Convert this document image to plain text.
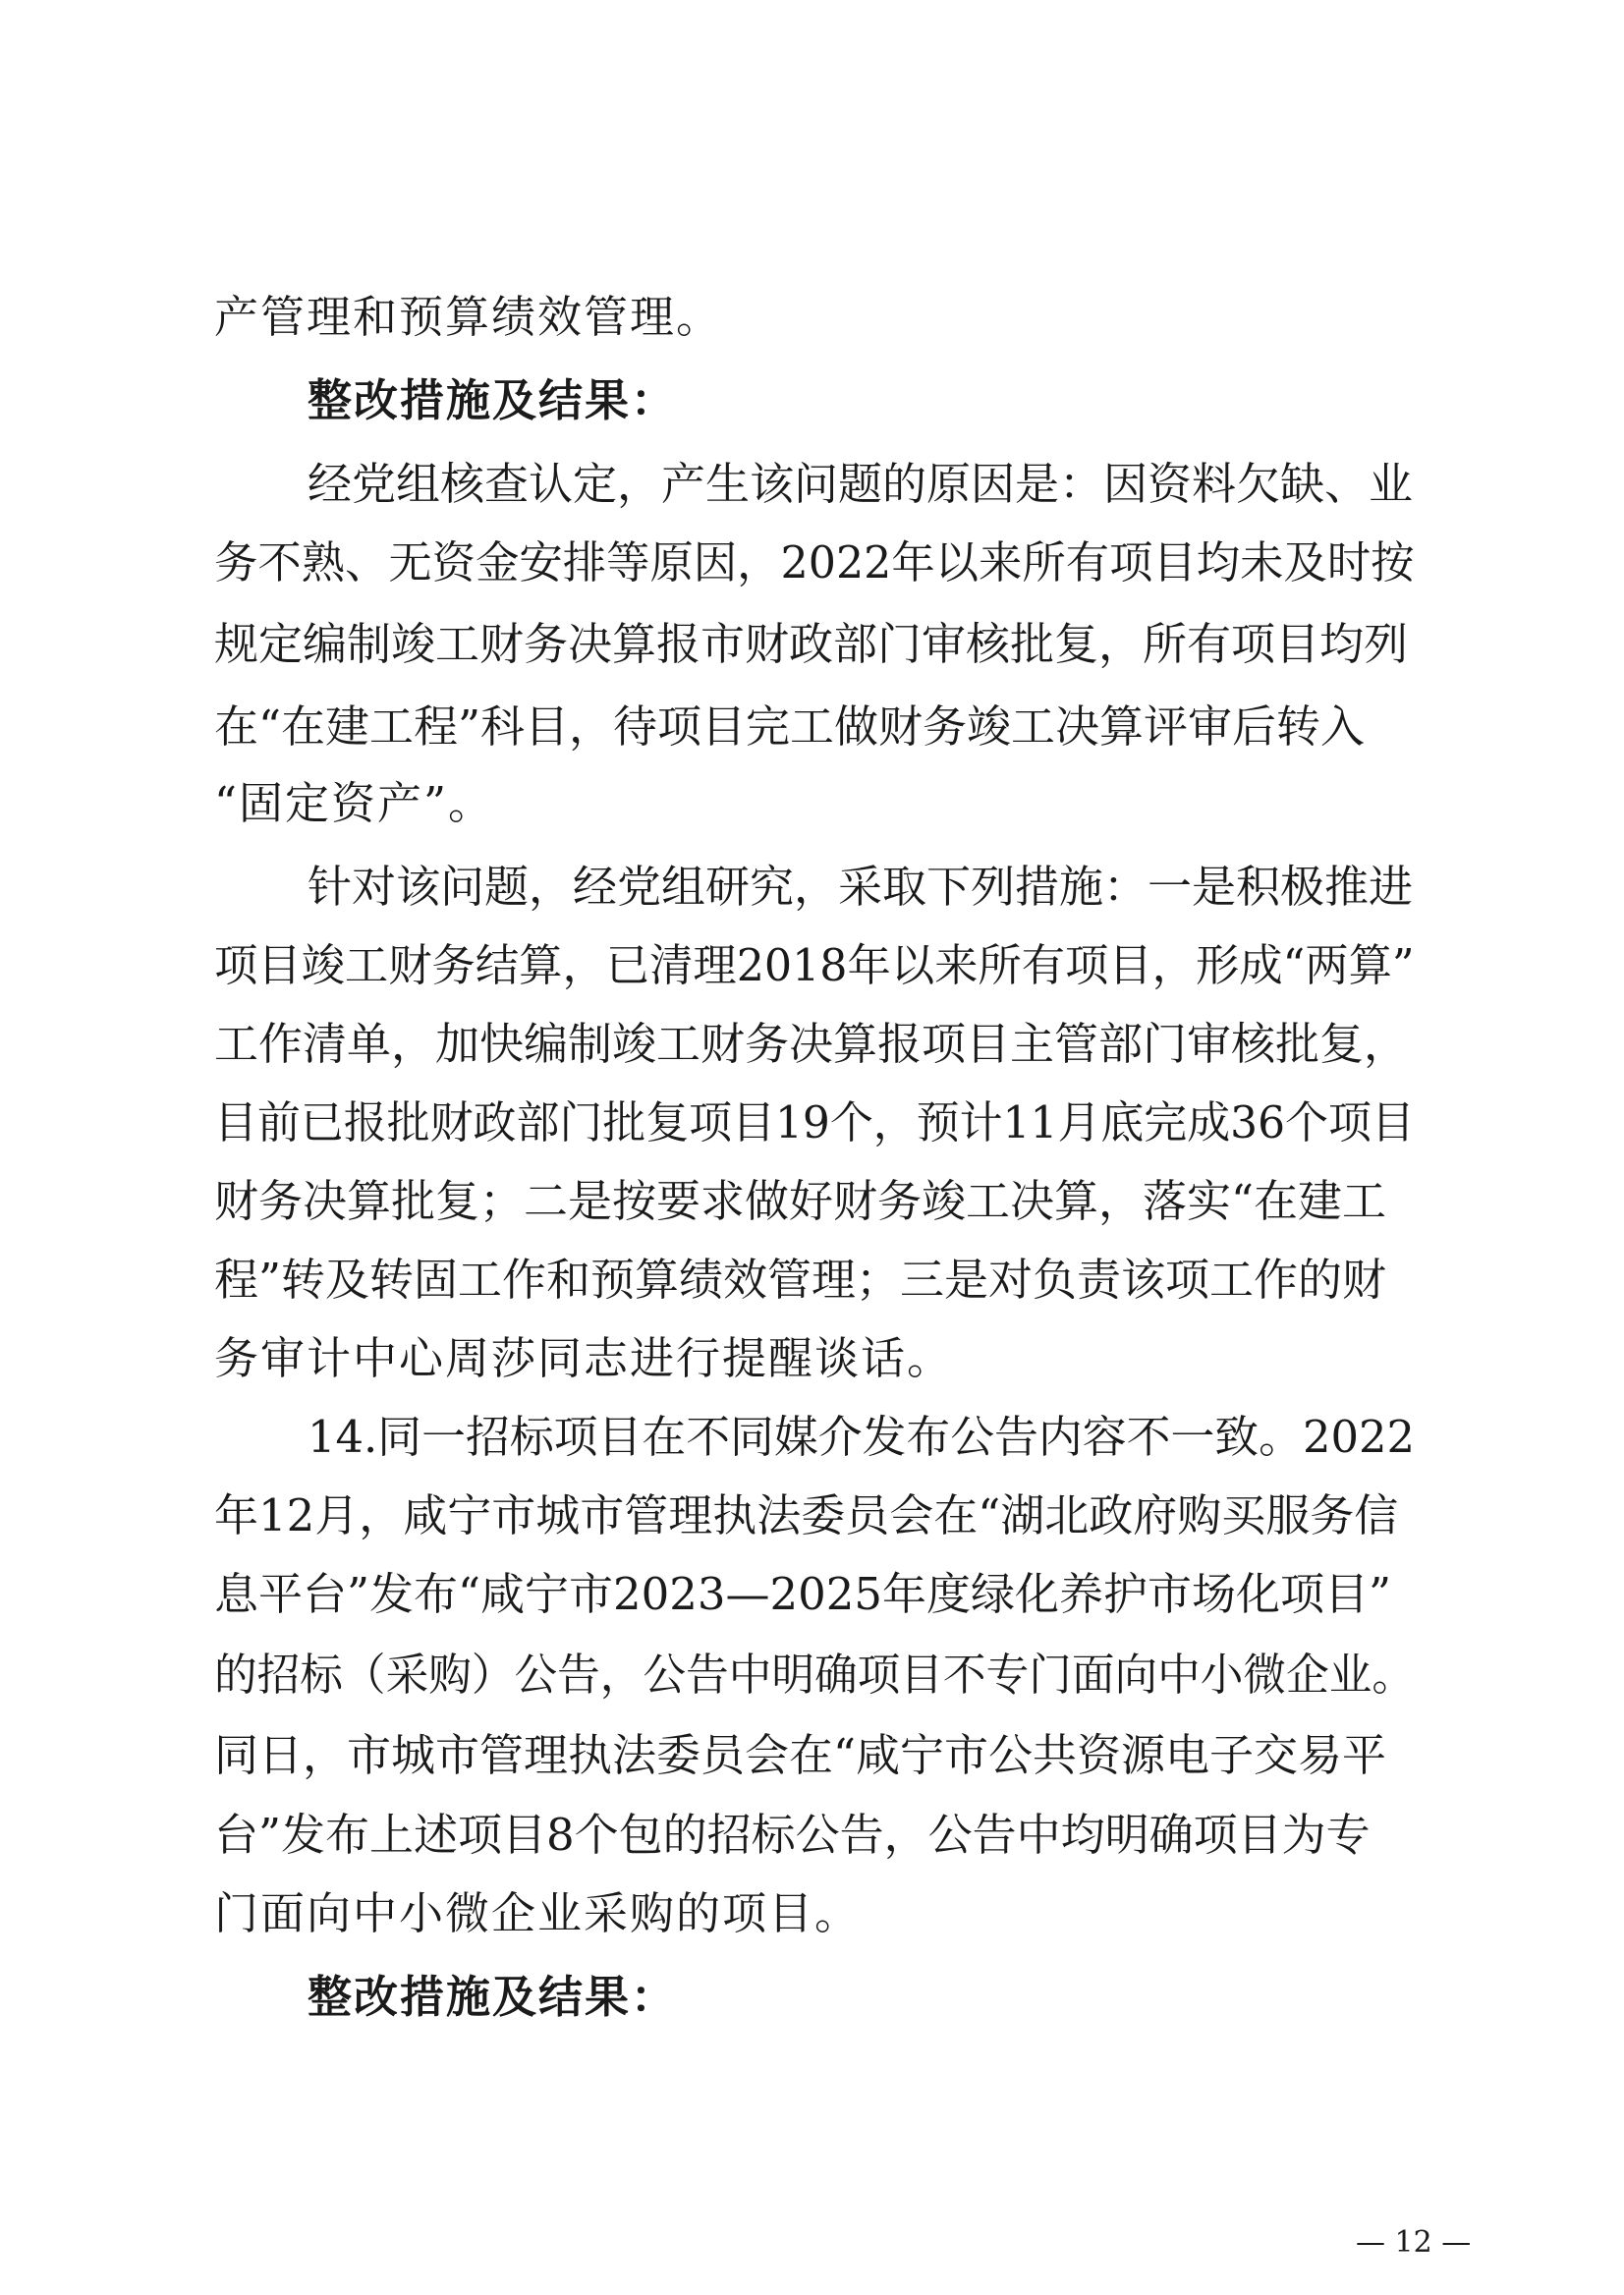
产管理和预算绩效管理。
整改措施及结果：
经党组核查认定，产生该问题的原因是：因资料欠缺、业
务不熟、无资金安排等原因，2022年以来所有项目均未及时按
规定编制竣工财务决算报市财政部门审核批复，所有项目均列
在“在建工程”科目，待项目完工做财务竣工决算评审后转入
“固定资产”。
针对该问题，经党组研究，采取下列措施：一是积极推进
项目竣工财务结算，已清理2018年以来所有项目，形成“两算”
工作清单，加快编制竣工财务决算报项目主管部门审核批复，
目前已报批财政部门批复项目19个，预计11月底完成36个项目
财务决算批复；二是按要求做好财务竣工决算，落实“在建工
程”转及转固工作和预算绩效管理；三是对负责该项工作的财
务审计中心周莎同志进行提醒谈话。
14.同一招标项目在不同媒介发布公告内容不一致。2022
年12月，咸宁市城市管理执法委员会在“湖北政府购买服务信
息平台”发布“咸宁市2023—2025年度绿化养护市场化项目”
的招标（采购）公告，公告中明确项目不专门面向中小微企业。
同日，市城市管理执法委员会在“咸宁市公共资源电子交易平
台”发布上述项目8个包的招标公告，公告中均明确项目为专
门面向中小微企业采购的项目。
整改措施及结果：
— 12 —
